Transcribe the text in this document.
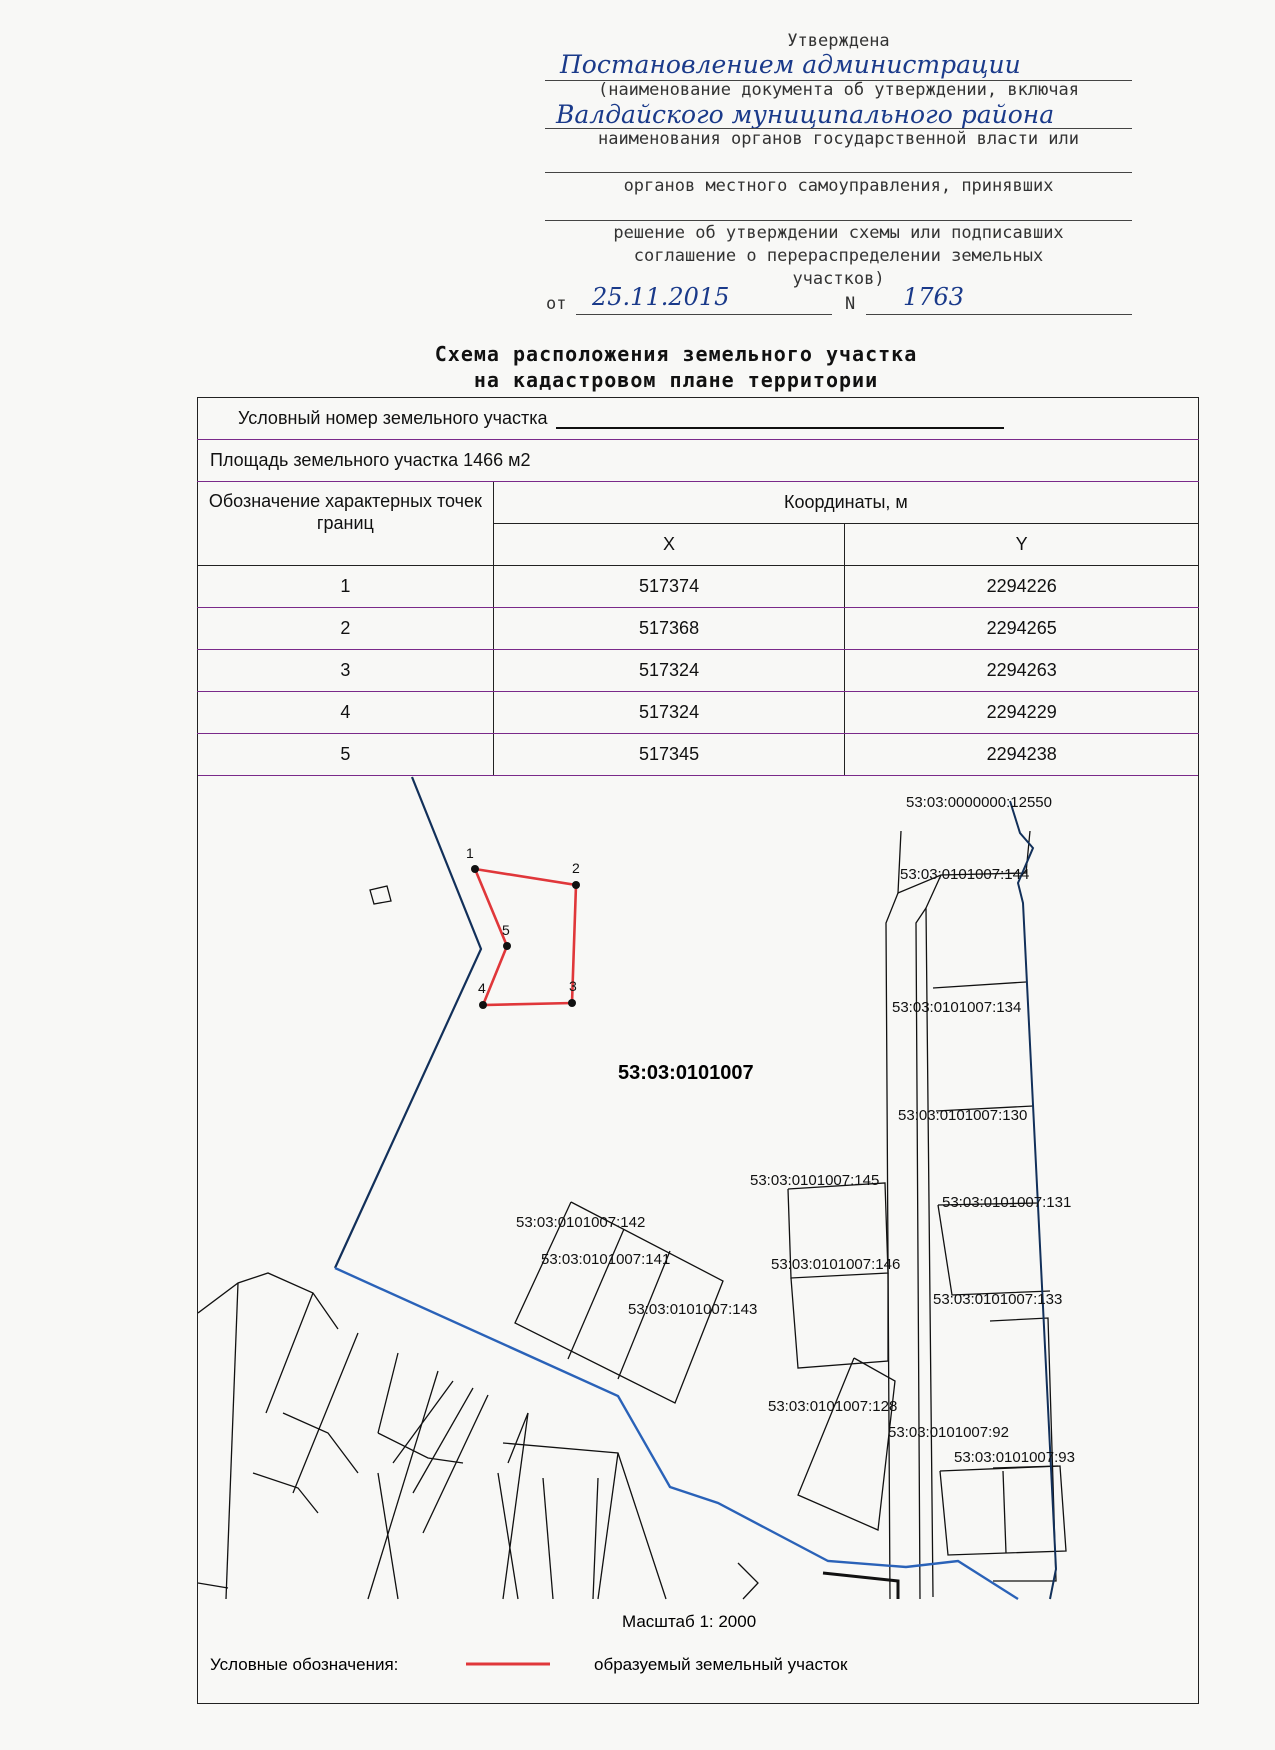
Утверждена
Постановлением администрации
(наименование документа об утверждении, включая
Валдайского муниципального района
наименования органов государственной власти или
органов местного самоуправления, принявших
решение об утверждении схемы или подписавших
соглашение о перераспределении земельных
участков)
от 25.11.2015	N 1763
Схема расположения земельного участка
на кадастровом плане территории
Условный номер земельного участка		
Площадь земельного участка 1466 м2		
Обозначение характерных точек границ	Координаты, м	
	X	Y
1	517374	2294226
2	517368	2294265
3	517324	2294263
4	517324	2294229
5	517345	2294238
1
2
3
4
5
53:03:0101007
53:03:0000000:12550
53:03:0101007:144
53:03:0101007:134
53:03:0101007:130
53:03:0101007:131
53:03:0101007:145
53:03:0101007:142
53:03:0101007:141	53:03:0101007:146
53:03:0101007:143
53:03:0101007:133
53:03:0101007:128
53:03:0101007:92
53:03:0101007:93
Масштаб 1: 2000
Условные обозначения:	образуемый земельный участок
